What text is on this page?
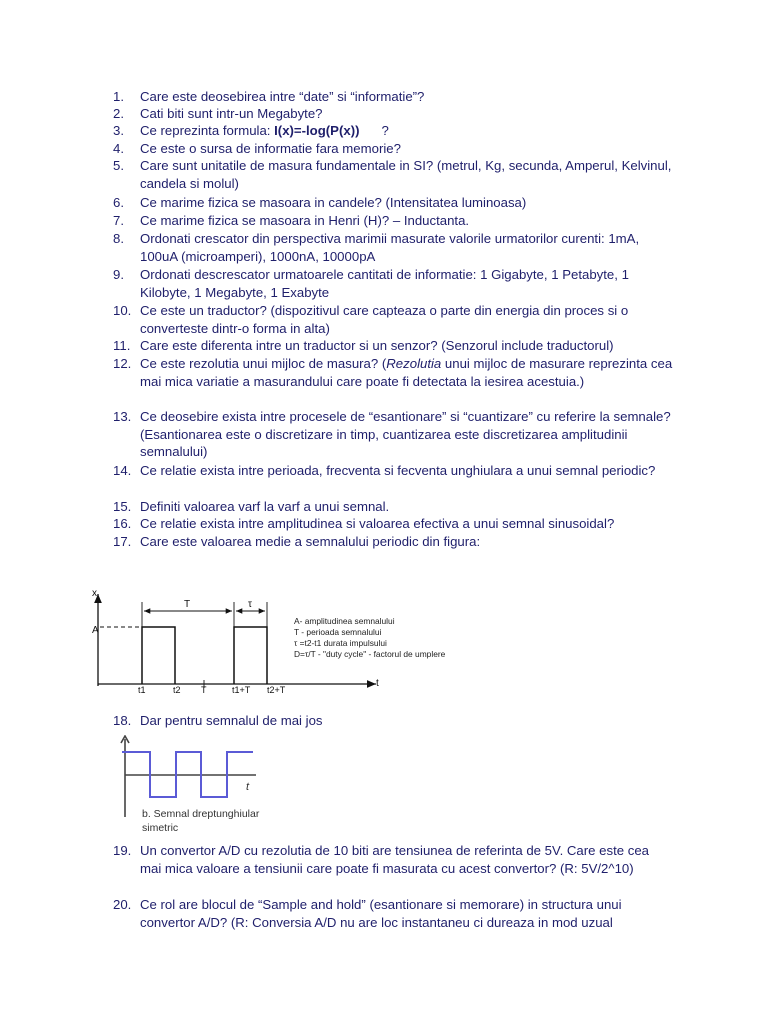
1.	Care este deosebirea intre “date” si “informatie”?
2.	Cati biti sunt intr-un Megabyte?
3.	Ce reprezinta formula: I(x)=-log(P(x))      ?
4.	Ce este o sursa de informatie fara memorie?
5.	Care sunt unitatile de masura fundamentale in SI? (metrul, Kg, secunda, Amperul, Kelvinul, candela si molul)
6.	Ce marime fizica se masoara in candele? (Intensitatea luminoasa)
7.	Ce marime fizica se masoara in Henri (H)? – Inductanta.
8.	Ordonati crescator din perspectiva marimii masurate valorile urmatorilor curenti: 1mA, 100uA (microamperi), 1000nA, 10000pA
9.	Ordonati descrescator urmatoarele cantitati de informatie: 1 Gigabyte, 1 Petabyte, 1 Kilobyte, 1 Megabyte, 1 Exabyte
10. Ce este un traductor? (dispozitivul care capteaza o parte din energia din proces si o converteste dintr-o forma in alta)
11. Care este diferenta intre un traductor si un senzor? (Senzorul include traductorul)
12. Ce este rezolutia unui mijloc de masura? (Rezolutia unui mijloc de masurare reprezinta cea mai mica variatie a masurandului care poate fi detectata la iesirea acestuia.)
13. Ce deosebire exista intre procesele de “esantionare” si “cuantizare” cu referire la semnale? (Esantionarea este o discretizare in timp, cuantizarea este discretizarea amplitudinii semnalului)
14. Ce relatie exista intre perioada, frecventa si fecventa unghiulara a unui semnal periodic?
15. Definiti valoarea varf la varf a unui semnal.
16. Ce relatie exista intre amplitudinea si valoarea efectiva a unui semnal sinusoidal?
17. Care este valoarea medie a semnalului periodic din figura:
x
t
A
T	τ
t1	t2 T	t1+T t2+T
A- amplitudinea semnalului
T - perioada semnalului
τ =t2-t1 durata impulsului
D=τ/T - "duty cycle" - factorul de umplere
18. Dar pentru semnalul de mai jos
t
b. Semnal dreptunghiular
simetric
19. Un convertor A/D cu rezolutia de 10 biti are tensiunea de referinta de 5V. Care este cea mai mica valoare a tensiunii care poate fi masurata cu acest convertor? (R: 5V/2^10)
20. Ce rol are blocul de “Sample and hold” (esantionare si memorare) in structura unui convertor A/D? (R: Conversia A/D nu are loc instantaneu ci dureaza in mod uzual
